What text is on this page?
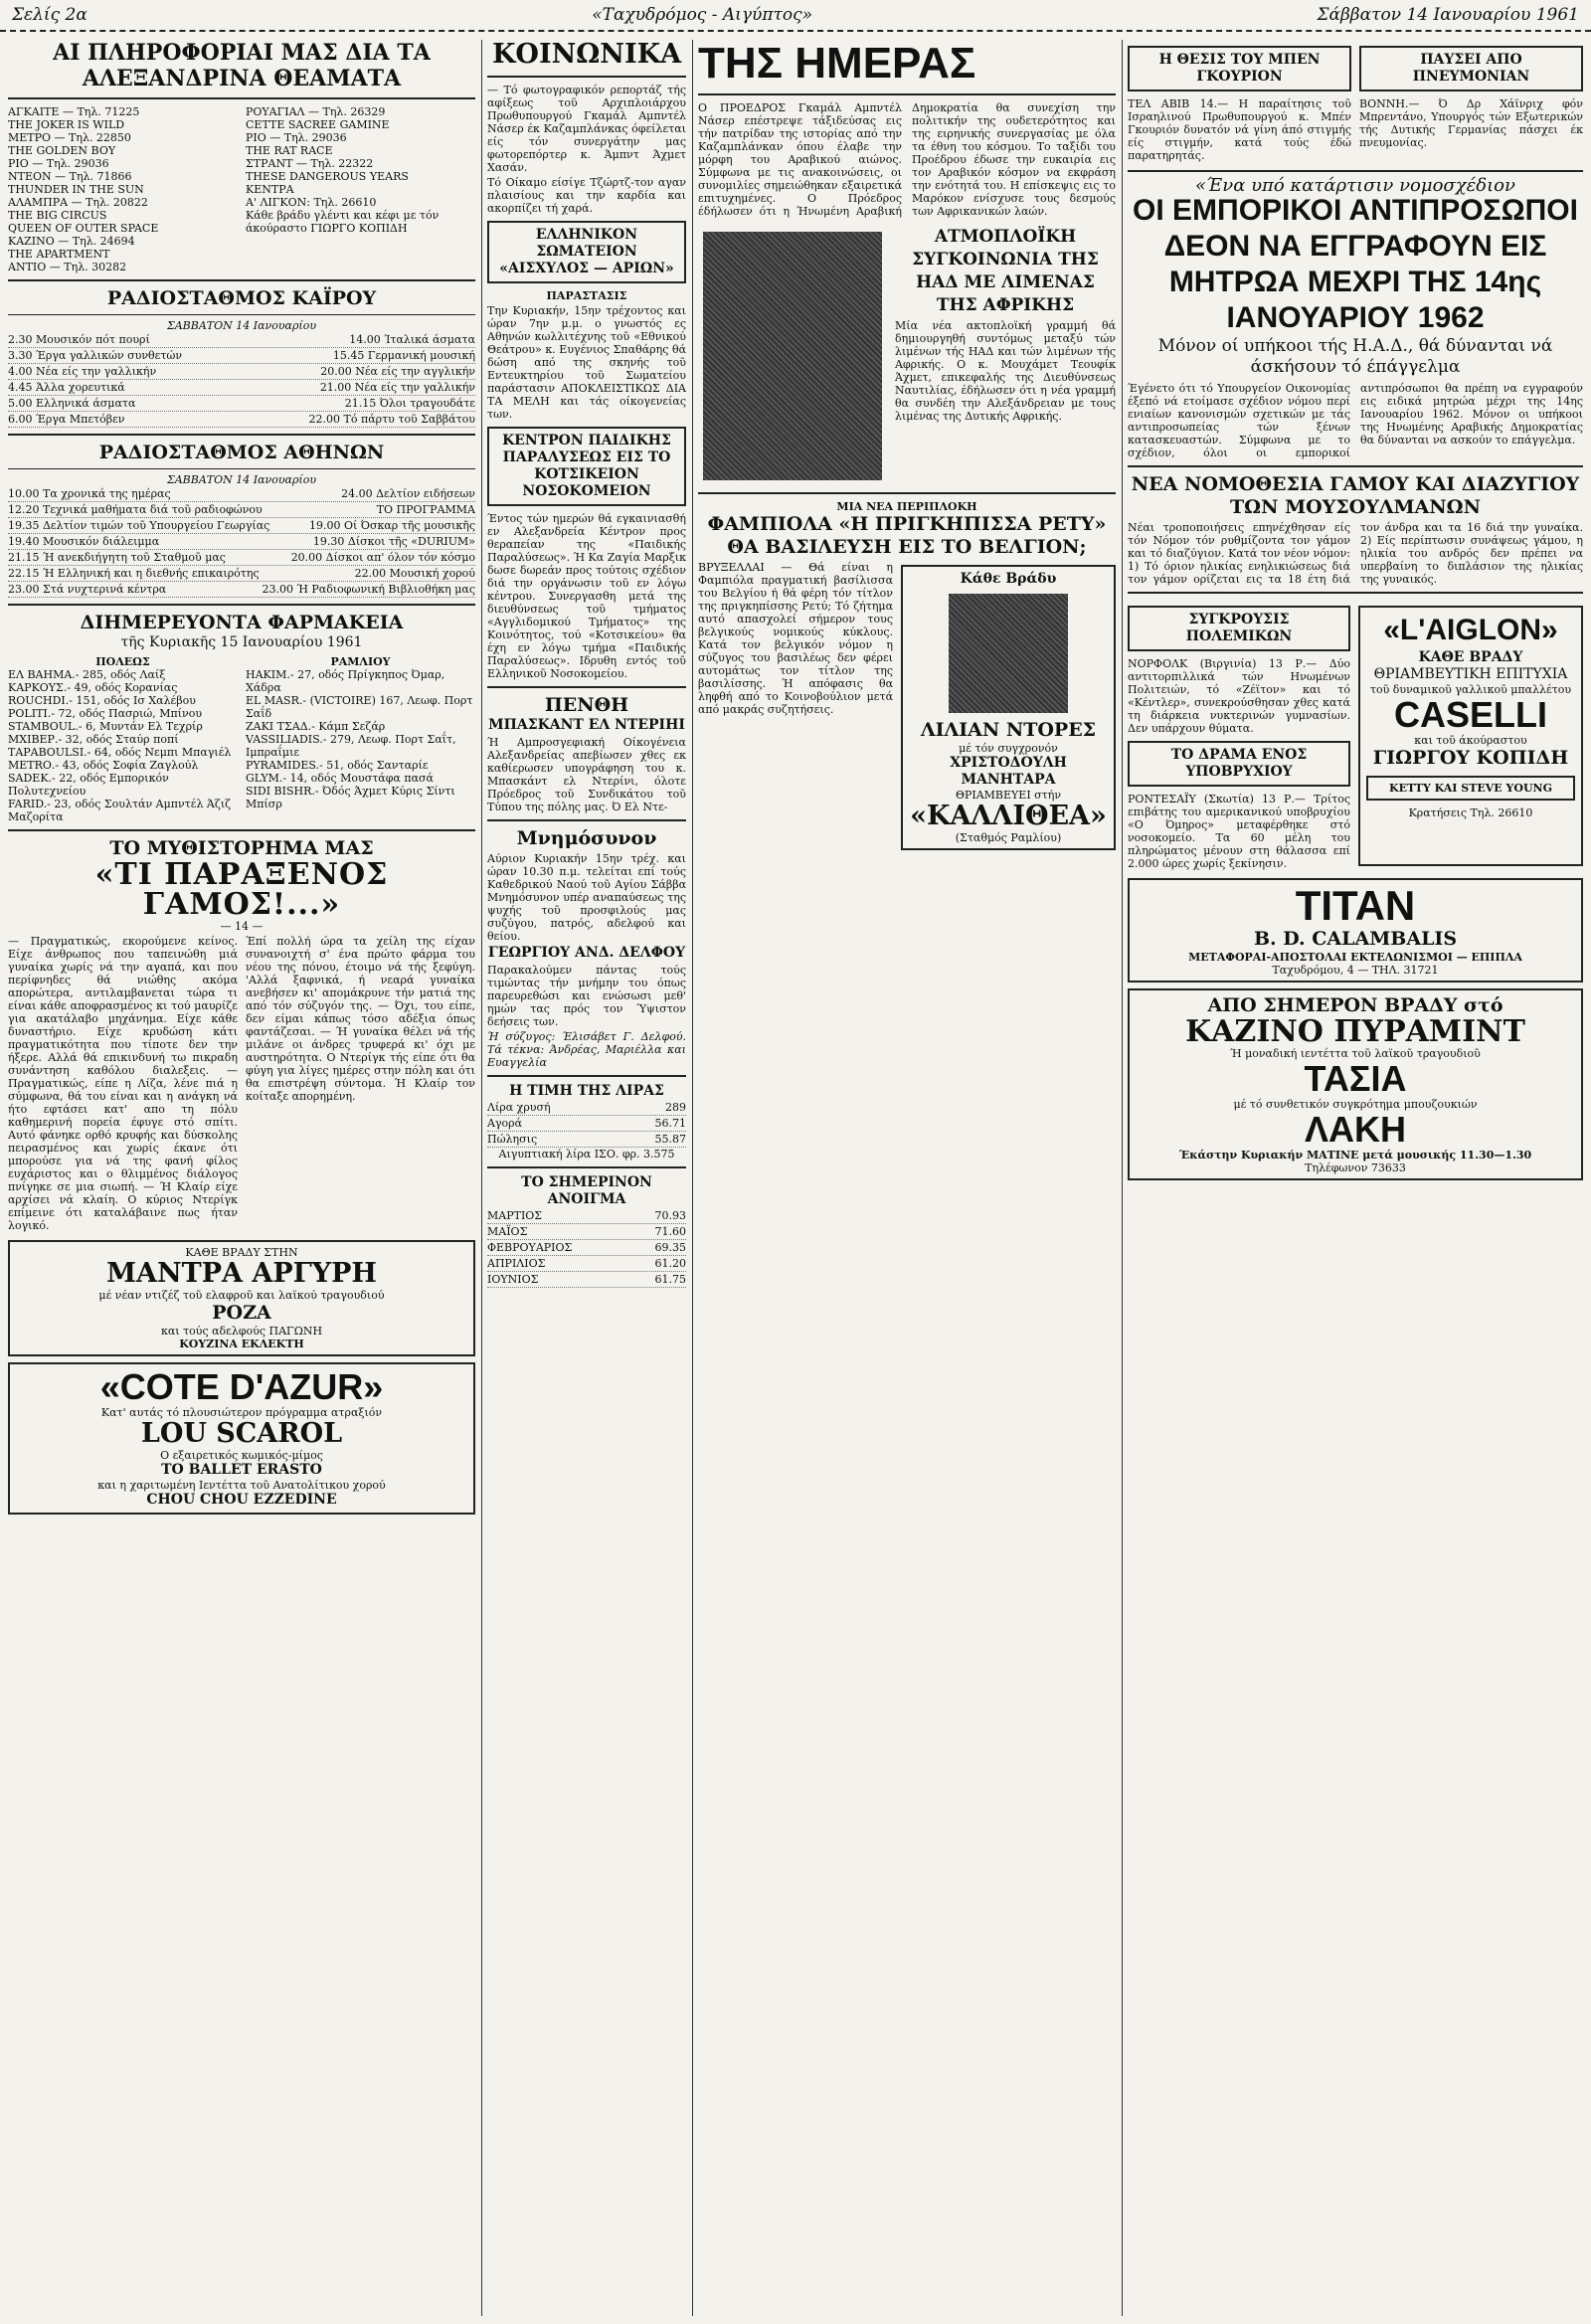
Σελίς 2α	«Ταχυδρόμος - Αιγύπτος»	Σάββατον 14 Ιανουαρίου 1961
ΑΙ ΠΛΗΡΟΦΟΡΙΑΙ ΜΑΣ ΔΙΑ ΤΑ ΑΛΕΞΑΝΔΡΙΝΑ ΘΕΑΜΑΤΑ
ΑΓΚΑΙΤΕ — Τηλ. 71225
THE JOKER IS WILD
ΜΕΤΡΟ — Τηλ. 22850
THE GOLDEN BOY
ΡΙΟ — Τηλ. 29036
ΝΤΕΟΝ — Τηλ. 71866
THUNDER IN THE SUN
ΑΛΑΜΠΡΑ — Τηλ. 20822
THE BIG CIRCUS
QUEEN OF OUTER SPACE
ΚΑΖΙΝΟ — Τηλ. 24694
THE APARTMENT
ΑΝΤΙΟ — Τηλ. 30282
ΡΟΥΑΓΙΑΛ — Τηλ. 26329
CETTE SACREE GAMINE
ΡΙΟ — Τηλ. 29036
THE RAT RACE
ΣΤΡΑΝΤ — Τηλ. 22322
THESE DANGEROUS YEARS
ΚΕΝΤΡΑ
Α' ΛΙΓΚΟΝ: Τηλ. 26610
Κάθε βράδυ γλέντι και κέφι με τόν άκούραστο ΓΙΩΡΓΟ ΚΟΠΙΔΗ
ΡΑΔΙΟΣΤΑΘΜΟΣ ΚΑΪΡΟΥ
ΣΑΒΒΑΤΟΝ 14 Ιανουαρίου
2.30 Μουσικόν πότ πουρί	14.00 Ίταλικά άσματα
3.30 Έργα γαλλικών συνθετών	15.45 Γερμανική μουσική
4.00 Νέα είς την γαλλικήν	20.00 Νέα είς την αγγλικήν
4.45 Άλλα χορευτικά	21.00 Νέα είς την γαλλικήν
5.00 Ελληνικά άσματα	21.15 Όλοι τραγουδάτε
6.00 Έργα Μπετόβεν	22.00 Τό πάρτυ τοῦ Σαββάτου
ΡΑΔΙΟΣΤΑΘΜΟΣ ΑΘΗΝΩΝ
ΣΑΒΒΑΤΟΝ 14 Ιανουαρίου
10.00 Τα χρονικά της ημέρας	24.00 Δελτίον ειδήσεων
12.20 Τεχνικά μαθήματα διά τοῦ ραδιοφώνου	ΤΟ ΠΡΟΓΡΑΜΜΑ
19.35 Δελτίον τιμών τοῦ Υπουργείου Γεωργίας	19.00 Οί Όσκαρ τῆς μουσικῆς
19.40 Μουσικόν διάλειμμα	19.30 Δίσκοι τῆς «DURIUM»
21.15 Ή ανεκδιήγητη τοῦ Σταθμοῦ μας	20.00 Δίσκοι απ' όλον τόν κόσμο
22.15 Ή Ελληνική και η διεθνής επικαιρότης	22.00 Μουσική χορού
23.00 Στά νυχτερινά κέντρα	23.00 Ή Ραδιοφωνική Βιβλιοθήκη μας
ΔΙΗΜΕΡΕΥΟΝΤΑ ΦΑΡΜΑΚΕΙΑ
τῆς Κυριακῆς 15 Ιανουαρίου 1961
ΠΟΛΕΩΣ
ΕΛ ΒΑΗΜΑ.- 285, οδός Λαίξ
ΚΑΡΚΟΥΣ.- 49, οδός Κορανίας
ROUCHDI.- 151, οδός Ισ Χαλέβου
POLITI.- 72, οδός Πασριώ, Μπίνου
STAMBOUL.- 6, Μυντάν Ελ Τεχρίρ
ΜΧΙΒΕΡ.- 32, οδός Σταύρ ποπί
ΤΑΡΑΒΟULSI.- 64, οδός Νεμπι Μπαγιέλ
ΜΕΤRΟ.- 43, οδός Σοφία Ζαγλούλ
SADEK.- 22, οδός Εμπορικόν Πολυτεχνείου
FARID.- 23, οδός Σουλτάν Αμπντέλ Άζιζ Μαζορίτα
ΡΑΜΛΙΟΥ
ΗΑΚΙΜ.- 27, οδός Πρίγκηπος Όμαρ, Χάδρα
EL MASR.- (VICTOIRE) 167, Λεωφ. Πορτ Σαΐδ
ΖΑΚΙ ΤΣΑΔ.- Κάμπ Σεζάρ
VASSILIADIS.- 279, Λεωφ. Πορτ Σαΐτ, Ιμπραΐμιε
PYRAMIDES.- 51, οδός Σανταρίε
GLYM.- 14, οδός Μουστάφα πασά
SIDI BISHR.- Όδός Άχμετ Κύρις Σίντι Μπίσρ
ΤΟ ΜΥΘΙΣΤΟΡΗΜΑ ΜΑΣ
«ΤΙ ΠΑΡΑΞΕΝΟΣ ΓΑΜΟΣ!...»
— 14 —
— Πραγματικώς, εκορούμενε κείνος. Είχε άνθρωπος που ταπεινώθη μιά γυναίκα χωρίς νά την αγαπά, και που περίφνηδες θά νιώθης ακόμα απορώτερα, αντιλαμβανεται τώρα τι είναι κάθε αποφρασμένος κι τού μαυρίζε για ακατάλαβο μηχάνημα. Είχε κάθε δυναστήριο. Είχε κρυδώση κάτι πραγματικότητα που τίποτε δεν την ήξερε. Αλλά θά επικινδυνή τω πικραδη συνάντηση καθόλου διαλεξεις. — Πραγματικώς, είπε η Λίζα, λένε πιά η σύμφωνα, θά του είναι και η ανάγκη νά ήτο εφτάσει κατ' απο τη πόλυ καθημερινή πορεία έφυγε στό σπίτι. Αυτό φάνηκε ορθό κρυφής και δύσκολης πειρασμένος και χωρίς έκανε ότι μπορούσε για νά της φανή φίλος ευχάριστος και ο θλιμμένος διάλογος πνίγηκε σε μια σιωπή. — Ή Κλαίρ είχε αρχίσει νά κλαίη. Ο κύριος Ντερίγκ επίμεινε ότι καταλάβαινε πως ήταν λογικό.
Έπί πολλή ώρα τα χείλη της είχαν συνανοιχτή σ' ένα πρώτο φάρμα του νέου της πόνου, έτοιμο νά τής ξεφύγη. 'Αλλά ξαφνικά, ή νεαρά γυναίκα ανεβήσεν κι' απομάκρυνε τήν ματιά της από τόν σύζυγόν της. — Όχι, του είπε, δεν είμαι κάπως τόσο αδέξια όπως φαντάζεσαι. — Ή γυναίκα θέλει νά τής μιλάνε οι άνδρες τρυφερά κι' όχι με αυστηρότητα. Ο Ντερίγκ τής είπε ότι θα φύγη για λίγες ημέρες στην πόλη και ότι θα επιστρέψη σύντομα. Ή Κλαίρ τον κοίταξε απορημένη.
ΚΑΘΕ ΒΡΑΔΥ ΣΤΗΝ
ΜΑΝΤΡΑ ΑΡΓΥΡΗ
μέ νέαν ντιζέζ τοῦ ελαφροῦ και λαϊκού τραγουδιού
ΡΟΖΑ
και τούς αδελφούς ΠΑΓΩΝΗ
ΚΟΥΖΙΝΑ ΕΚΛΕΚΤΗ
«COTE D'AZUR»
Κατ' αυτάς τό πλουσιώτερον πρόγραμμα ατραξιόν
LOU SCAROL
Ο εξαιρετικός κωμικός-μίμος
ΤΟ BALLET ERASTO
και η χαριτωμένη Ιεντέττα τοῦ Ανατολίτικου χορού
CHOU CHOU EZZEDINE
ΚΟΙΝΩΝΙΚΑ
— Τό φωτογραφικόν ρεπορτάζ τής αφίξεως τοῦ Αρχιπλοιάρχου Πρωθυπουργού Γκαμάλ Αμπντέλ Νάσερ έκ Καζαμπλάνκας όφείλεται είς τόν συνεργάτην μας φωτορεπόρτερ κ. Άμπντ Άχμετ Χασάν.
Τό Οίκαμο είσίγε Τζώρτζ-τον αγαν πλαισίους και την καρδία και ακορπίζει τή χαρά.
ΕΛΛΗΝΙΚΟΝ ΣΩΜΑΤΕΙΟΝ «ΑΙΣΧΥΛΟΣ — ΑΡΙΩΝ»
ΠΑΡΑΣΤΑΣΙΣ
Την Κυριακήν, 15ην τρέχοντος και ώραν 7ην μ.μ. ο γνωστός ες Αθηνών κωλλιτέχνης τοῦ «Εθνικού Θεάτρου» κ. Ευγένιος Σπαθάρης θά δώση από της σκηνής τοῦ Εντευκτηρίου τοῦ Σωματείου παράστασιν ΑΠΟΚΛΕΙΣΤΙΚΩΣ ΔΙΑ ΤΑ ΜΕΛΗ και τάς οίκογενείας των.
ΚΕΝΤΡΟΝ ΠΑΙΔΙΚΗΣ ΠΑΡΑΛΥΣΕΩΣ ΕΙΣ ΤΟ ΚΟΤΣΙΚΕΙΟΝ ΝΟΣΟΚΟΜΕΙΟΝ
Έντος τών ημερών θά εγκαινιασθή εν Αλεξανδρεία Κέντρον προς θεραπείαν της «Παιδικής Παραλύσεως». Ή Κα Ζαγία Μαρξικ δωσε δωρεάν προς τούτοις σχέδιον διά την οργάνωσιν τοῦ εν λόγω κέντρου. Συνεργασθη μετά της διευθύνσεως τοῦ τμήματος «Αγγλιδομικού Τμήματος» της Κοινότητος, τού «Κοτσικείου» θα έχη εν λόγω τμήμα «Παιδικής Παραλύσεως». Ιδρυθη εντός τοῦ Ελληνικοῦ Νοσοκομείου.
ΠΕΝΘΗ
ΜΠΑΣΚΑΝΤ ΕΛ ΝΤΕΡΙΗΙ
Ή Αμπροσγεφιακή Οίκογένεια Αλεξανδρείας απεβίωσεν χθες εκ καθίερωσεν υπογράφηση του κ. Μπασκάντ ελ Ντερίνι, όλοτε Πρόεδρος τοῦ Συνδικάτου τοῦ Τύπου της πόλης μας. Ό Ελ Ντε-
Μνημόσυνον
Αύριον Κυριακήν 15ην τρέχ. και ώραν 10.30 π.μ. τελείται επί τούς Καθεδρικού Ναού τοῦ Αγίου Σάββα Μνημόσυνον υπέρ αναπαύσεως της ψυχής τοῦ προσφιλούς μας συζύγου, πατρός, αδελφού και θείου.
ΓΕΩΡΓΙΟΥ ΑΝΔ. ΔΕΛΦΟΥ
Παρακαλούμεν πάντας τούς τιμώντας τήν μνήμην του όπως παρευρεθώσι και ενώσωσι μεθ' ημών τας πρός τον Ύψιστον δεήσεις των.
Ή σύζυγος: Έλισάβετ Γ. Δελφού. Τά τέκνα: Άνδρέας, Μαριέλλα και Ευαγγελία
Η ΤΙΜΗ ΤΗΣ ΛΙΡΑΣ
Λίρα χρυσή	289
Αγορά	56.71
Πώλησις	55.87
Αιγυπτιακή λίρα ΙΣΟ. φρ. 3.575
ΤΟ ΣΗΜΕΡΙΝΟΝ ΑΝΟΙΓΜΑ
ΜΑΡΤΙΟΣ	70.93
ΜΑΪΟΣ	71.60
ΦΕΒΡΟΥΑΡΙΟΣ	69.35
ΑΠΡΙΛΙΟΣ	61.20
ΙΟΥΝΙΟΣ	61.75
ΤΗΣ ΗΜΕΡΑΣ
Ο ΠΡΟΕΔΡΟΣ Γκαμάλ Αμπντέλ Νάσερ επέστρεψε τάξιδεύσας εις τήν πατρίδαν της ιστορίας από την Καζαμπλάνκαν όπου έλαβε την μόρφη του Αραβικού αιώνος. Σύμφωνα με τις ανακοινώσεις, οι συνομιλίες σημειώθηκαν εξαιρετικά επιτυχημένες. Ο Πρόεδρος έδήλωσεν ότι η Ήνωμένη Αραβική Δημοκρατία θα συνεχίση την πολιτικήν της ουδετερότητος και της ειρηνικής συνεργασίας με όλα τα έθνη του κόσμου. Το ταξίδι του Προέδρου έδωσε την ευκαιρία εις τον Αραβικόν κόσμον να εκφράση την ενότητά του. Η επίσκεψις εις το Μαρόκον ενίσχυσε τους δεσμούς των Αφρικανικών λαών.
ΑΤΜΟΠΛΟΪΚΗ ΣΥΓΚΟΙΝΩΝΙΑ ΤΗΣ ΗΑΔ ΜΕ ΛΙΜΕΝΑΣ ΤΗΣ ΑΦΡΙΚΗΣ
Μία νέα ακτοπλοϊκή γραμμή θά δημιουργηθή συντόμως μεταξύ τών λιμένων τής ΗΑΔ και τών λιμένων τής Αφρικής. Ο κ. Μουχάμετ Τεουφίκ Άχμετ, επικεφαλής της Διευθύνσεως Ναυτιλίας, έδήλωσεν ότι η νέα γραμμή θα συνδέη την Αλεξάνδρειαν με τους λιμένας της Δυτικής Αφρικής.
ΜΙΑ ΝΕΑ ΠΕΡΙΠΛΟΚΗ
ΦΑΜΠΙΟΛΑ «Η ΠΡΙΓΚΗΠΙΣΣΑ ΡΕΤΥ» ΘΑ ΒΑΣΙΛΕΥΣΗ ΕΙΣ ΤΟ ΒΕΛΓΙΟΝ;
ΒΡΥΞΕΛΛΑΙ — Θά είναι η Φαμπιόλα πραγματική βασίλισσα του Βελγίου ή θά φέρη τόν τίτλον της πριγκηπίσσης Ρετύ; Τό ζήτημα αυτό απασχολεί σήμερον τους βελγικούς νομικούς κύκλους. Κατά τον βελγικόν νόμον η σύζυγος του βασιλέως δεν φέρει αυτομάτως τον τίτλον της βασιλίσσης. Ή απόφασις θα ληφθή από το Κοινοβούλιον μετά από μακράς συζητήσεις.
Κάθε Βράδυ
ΛΙΛΙΑΝ ΝΤΟΡΕΣ
μέ τόν συγχρονόν
ΧΡΙΣΤΟΔΟΥΛΗ ΜΑΝΗΤΑΡΑ
ΘΡΙΑΜΒΕΥΕΙ στήν
«ΚΑΛΛΙΘΕΑ»
(Σταθμός Ραμλίου)
Η ΘΕΣΙΣ ΤΟΥ ΜΠΕΝ ΓΚΟΥΡΙΟΝ
ΤΕΛ ΑΒΙΒ 14.— Η παραίτησις τοῦ Ισραηλινού Πρωθυπουργού κ. Μπέν Γκουριόν δυνατόν νά γίνη άπό στιγμής είς στιγμήν, κατά τούς έδώ παρατηρητάς.
ΠΑΥΣΕΙ ΑΠΟ ΠΝΕΥΜΟΝΙΑΝ
ΒΟΝΝΗ.— Ό Δρ Χάϊνριχ φόν Μπρεντάνο, Υπουργός τών Εξωτερικών τής Δυτικής Γερμανίας πάσχει έκ πνευμονίας.
«Ένα υπό κατάρτισιν νομοσχέδιον
ΟΙ ΕΜΠΟΡΙΚΟΙ ΑΝΤΙΠΡΟΣΩΠΟΙ ΔΕΟΝ ΝΑ ΕΓΓΡΑΦΟΥΝ ΕΙΣ ΜΗΤΡΩΑ ΜΕΧΡΙ ΤΗΣ 14ης ΙΑΝΟΥΑΡΙΟΥ 1962
Μόνον οί υπήκοοι τής Η.Α.Δ., θά δύνανται νά άσκήσουν τό έπάγγελμα
Έγένετο ότι τό Υπουργείον Οικονομίας έξεπό νά ετοίμασε σχέδιον νόμου περί ενιαίων κανονισμών σχετικών με τάς αντιπροσωπείας τών ξένων κατασκευαστών. Σύμφωνα με το σχέδιον, όλοι οι εμπορικοί αντιπρόσωποι θα πρέπη να εγγραφούν εις ειδικά μητρώα μέχρι της 14ης Ιανουαρίου 1962. Μόνον οι υπήκοοι της Ηνωμένης Αραβικής Δημοκρατίας θα δύνανται να ασκούν το επάγγελμα.
ΝΕΑ ΝΟΜΟΘΕΣΙΑ ΓΑΜΟΥ ΚΑΙ ΔΙΑΖΥΓΙΟΥ ΤΩΝ ΜΟΥΣΟΥΛΜΑΝΩΝ
Νέαι τροποποιήσεις επηνέχθησαν είς τόν Νόμον τόν ρυθμίζοντα τον γάμον και τό διαζύγιον. Κατά τον νέον νόμον: 1) Τό όριον ηλικίας ενηλικιώσεως διά τον γάμον ορίζεται εις τα 18 έτη διά τον άνδρα και τα 16 διά την γυναίκα. 2) Είς περίπτωσιν συνάψεως γάμου, η ηλικία του ανδρός δεν πρέπει να υπερβαίνη το διπλάσιον της ηλικίας της γυναικός.
ΣΥΓΚΡΟΥΣΙΣ ΠΟΛΕΜΙΚΩΝ
ΝΟΡΦΟΛΚ (Βιργινία) 13 Ρ.— Δύο αντιτορπιλλικά τών Ηνωμένων Πολιτειών, τό «Ζέϊτον» και τό «Κέντλερ», συνεκρούσθησαν χθες κατά τη διάρκεια νυκτερινών γυμνασίων. Δεν υπάρχουν θύματα.
ΤΟ ΔΡΑΜΑ ΕΝΟΣ ΥΠΟΒΡΥΧΙΟΥ
ΡΟΝΤΕΣΑΪΥ (Σκωτία) 13 Ρ.— Τρίτος επιβάτης του αμερικανικού υποβρυχίου «Ο Όμηρος» μεταφέρθηκε στό νοσοκομείο. Τα 60 μέλη του πληρώματος μένουν στη θάλασσα επί 2.000 ώρες χωρίς ξεκίνησιν.
«L'AIGLON»
ΚΑΘΕ ΒΡΑΔΥ
ΘΡΙΑΜΒΕΥΤΙΚΗ ΕΠΙΤΥΧΙΑ
τοῦ δυναμικοῦ γαλλικοῦ μπαλλέτου
CASELLI
και τοῦ άκούραστου
ΓΙΩΡΓΟΥ ΚΟΠΙΔΗ
KETTY KAI STEVE YOUNG
Κρατήσεις Τηλ. 26610
TITAN
B. D. CALAMBALIS
ΜΕΤΑΦΟΡΑΙ-ΑΠΟΣΤΟΛΑΙ ΕΚΤΕΛΩΝΙΣΜΟΙ — ΕΠΙΠΛΑ
Ταχυδρόμου, 4 — ΤΗΛ. 31721
ΑΠΟ ΣΗΜΕΡΟΝ ΒΡΑΔΥ στό
ΚΑΖΙΝΟ ΠΥΡΑΜΙΝΤ
Ή μοναδική ιεντέττα τοῦ λαϊκοῦ τραγουδιοῦ
ΤΑΣΙΑ
μέ τό συνθετικόν συγκρότημα μπουζουκιών
ΛΑΚΗ
Έκάστην Κυριακήν ΜΑΤΙΝΕ μετά μουσικής 11.30—1.30
Τηλέφωνον 73633
